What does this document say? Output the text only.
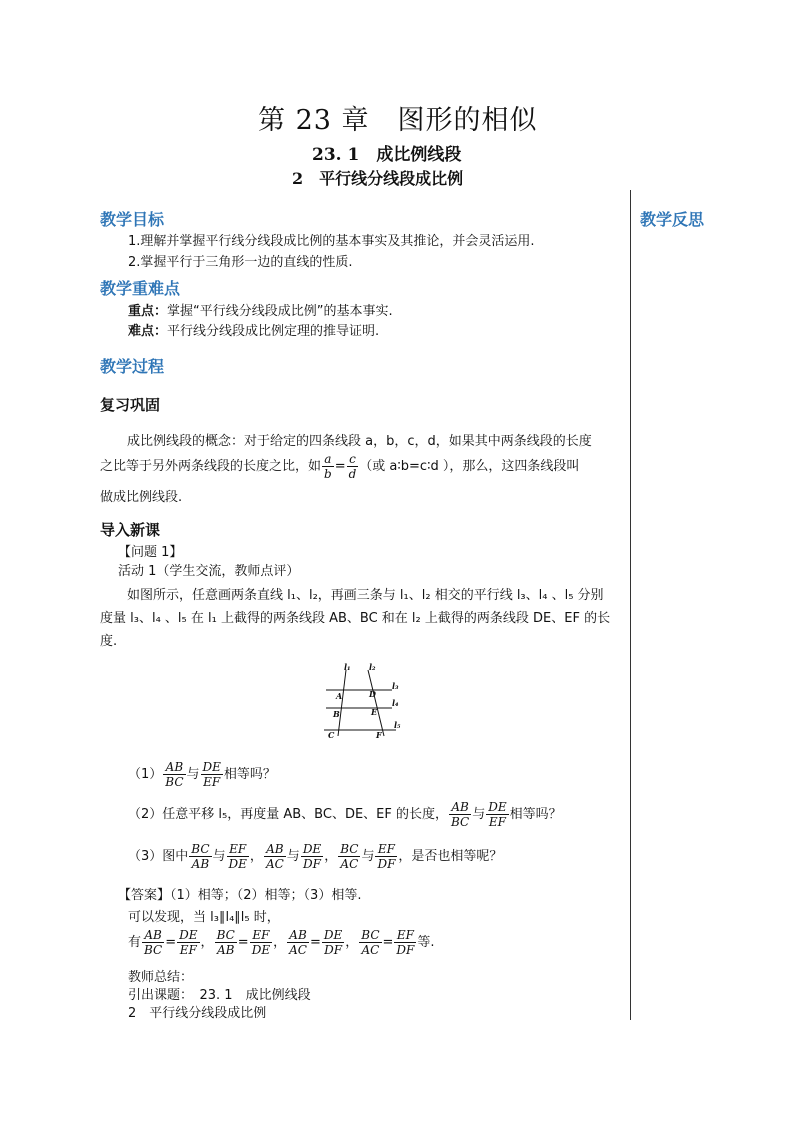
第 23 章　图形的相似
23. 1　成比例线段
2　平行线分线段成比例
教学反思
教学目标
1.理解并掌握平行线分线段成比例的基本事实及其推论，并会灵活运用.
2.掌握平行于三角形一边的直线的性质.
教学重难点
重点：掌握“平行线分线段成比例”的基本事实.
难点：平行线分线段成比例定理的推导证明.
教学过程
复习巩固
成比例线段的概念：对于给定的四条线段 a，b，c，d，如果其中两条线段的长度
之比等于另外两条线段的长度之比，如 $\frac{a}{b} = \frac{c}{d}$ （或 a∶b=c∶d ），那么，这四条线段叫
做成比例线段.
导入新课
【问题 1】
活动 1（学生交流，教师点评）
如图所示，任意画两条直线 l₁、l₂，再画三条与 l₁、l₂ 相交的平行线 l₃、l₄ 、l₅ 分别
度量 l₃、l₄ 、l₅ 在 l₁ 上截得的两条线段 AB、BC 和在 l₂ 上截得的两条线段 DE、EF 的长
度.
l₁ l₂
l₃
l₄
l₅
A
B
C
D
E
F
$(1) \frac{AB}{BC}$ 与 $\frac{DE}{EF}$ 相等吗？
（2）任意平移 l₅，再度量 AB、BC、DE、EF 的长度， $\frac{AB}{BC}$ 与 $\frac{DE}{EF}$ 相等吗？
（3）图中 $\frac{BC}{AB}$ 与 $\frac{EF}{DE}$ ， $\frac{AB}{AC}$ 与 $\frac{DE}{DF}$ ， $\frac{BC}{AC}$ 与 $\frac{EF}{DF}$ ，是否也相等呢？
【答案】（1）相等；（2）相等；（3）相等.
可以发现，当 l₃∥l₄∥l₅ 时，
有 $\frac{AB}{BC} = \frac{DE}{EF}$ ， $\frac{BC}{AB} = \frac{EF}{DE}$ ， $\frac{AB}{AC} = \frac{DE}{DF}$ ， $\frac{BC}{AC} = \frac{EF}{DF}$ 等.
教师总结：
引出课题：　23. 1　成比例线段
2　平行线分线段成比例
